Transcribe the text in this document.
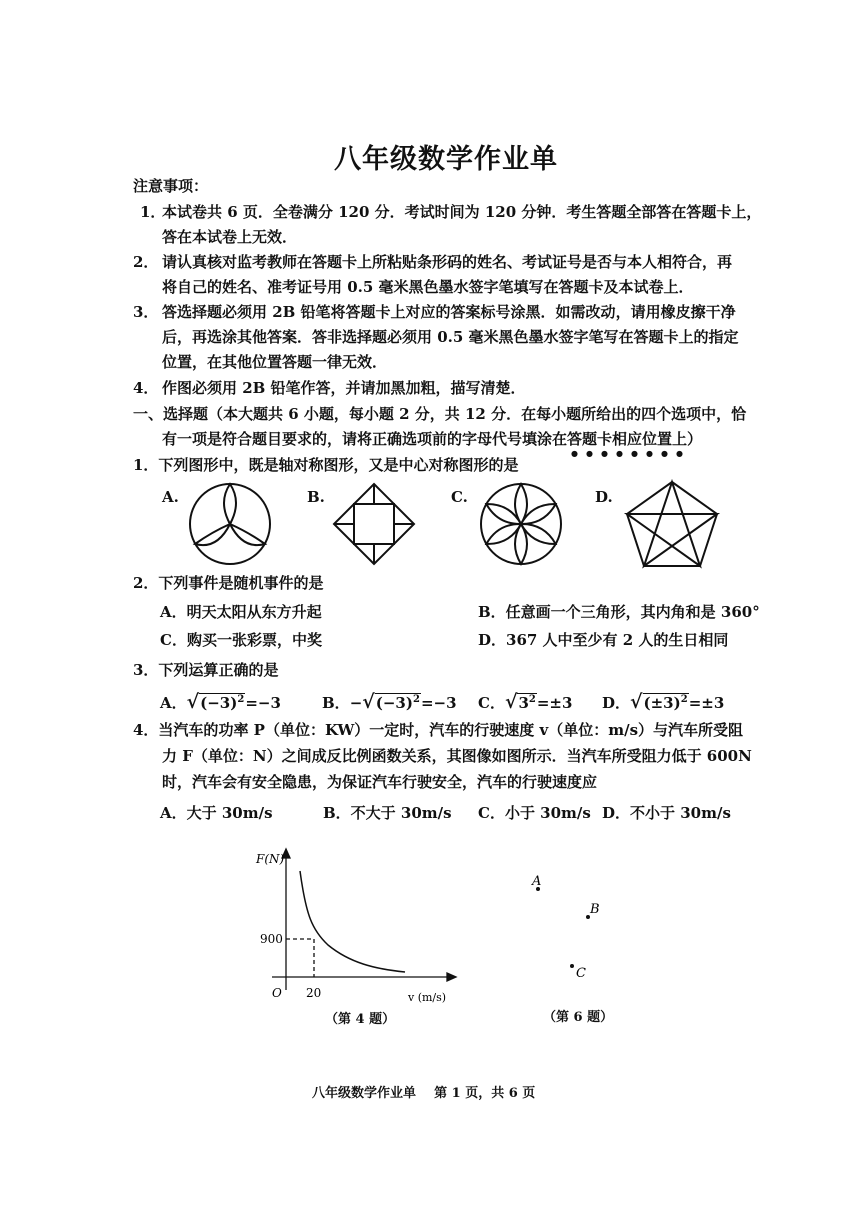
八年级数学作业单
注意事项：
1．
本试卷共 6 页．全卷满分 120 分．考试时间为 120 分钟．考生答题全部答在答题卡上，
答在本试卷上无效．
2． 请认真核对监考教师在答题卡上所粘贴条形码的姓名、考试证号是否与本人相符合，再
将自己的姓名、准考证号用 0.5 毫米黑色墨水签字笔填写在答题卡及本试卷上．
3． 答选择题必须用 2B 铅笔将答题卡上对应的答案标号涂黑．如需改动，请用橡皮擦干净
后，再选涂其他答案．答非选择题必须用 0.5 毫米黑色墨水签字笔写在答题卡上的指定
位置，在其他位置答题一律无效．
4． 作图必须用 2B 铅笔作答，并请加黑加粗，描写清楚．
一、选择题（本大题共 6 小题，每小题 2 分，共 12 分．在每小题所给出的四个选项中，恰
有一项是符合题目要求的，请将正确选项前的字母代号填涂在答题卡相应位置上）
1．下列图形中，既是轴对称图形，又是中心对称图形的是
A.	B.	C.	D.
2．下列事件是随机事件的是
A．明天太阳从东方升起	B．任意画一个三角形，其内角和是 360°
C．购买一张彩票，中奖	D．367 人中至少有 2 人的生日相同
3．下列运算正确的是
A．$√(-3)^2=-3$	B．$-√(-3)^2=-3$ C．$√3^2=\pm 3$ D．$√(\pm 3)^2=\pm 3$
4．当汽车的功率 P（单位：KW）一定时，汽车的行驶速度 v（单位：m/s）与汽车所受阻
力 F（单位：N）之间成反比例函数关系，其图像如图所示．当汽车所受阻力低于 600N
时，汽车会有安全隐患，为保证汽车行驶安全，汽车的行驶速度应
A．大于 30m/s	B．不大于 30m/s C．小于 30m/s D．不小于 30m/s
F(N)
v (m/s)
O
900
20
（第 4 题）
A
B
C
（第 6 题）
八年级数学作业单    第 1 页，共 6 页
